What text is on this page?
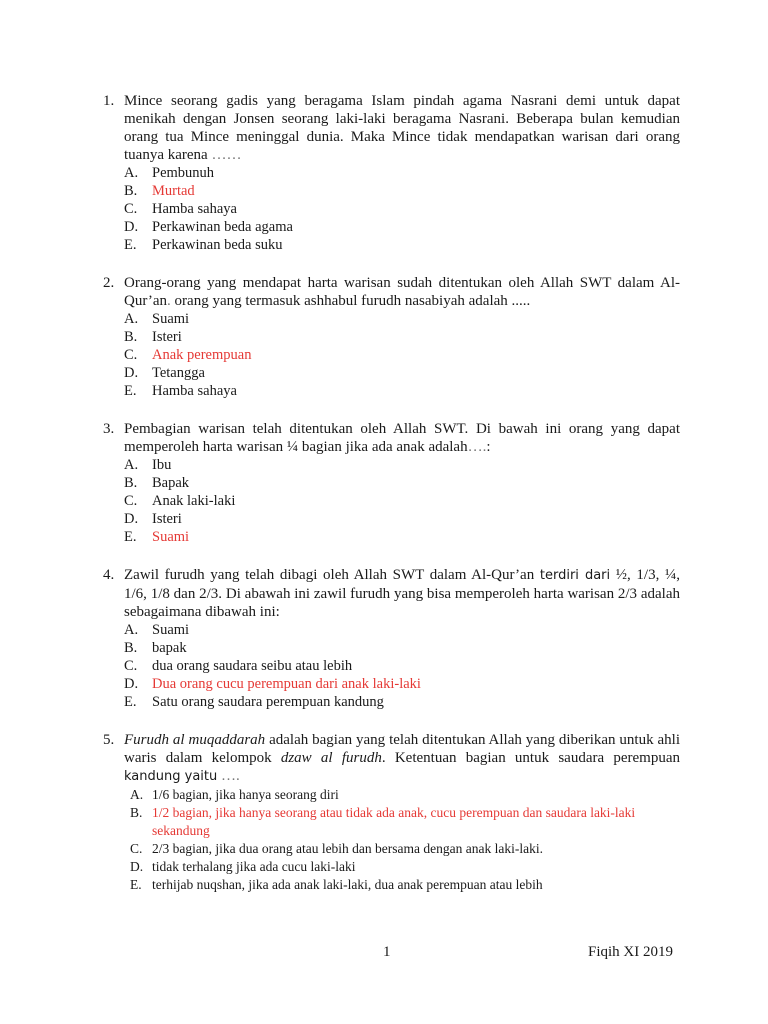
1. Mince seorang gadis yang beragama Islam pindah agama Nasrani demi untuk dapat menikah dengan Jonsen seorang laki-laki beragama Nasrani. Beberapa bulan kemudian orang tua Mince meninggal dunia. Maka Mince tidak mendapatkan warisan dari orang tuanya karena ……
A. Pembunuh
B. Murtad
C. Hamba sahaya
D. Perkawinan beda agama
E. Perkawinan beda suku
2. Orang-orang yang mendapat harta warisan sudah ditentukan oleh Allah SWT dalam Al-Qur’an. orang yang termasuk ashhabul furudh nasabiyah adalah .....
A. Suami
B. Isteri
C. Anak perempuan
D. Tetangga
E. Hamba sahaya
3. Pembagian warisan telah ditentukan oleh Allah SWT. Di bawah ini orang yang dapat memperoleh harta warisan ¼ bagian jika ada anak adalah….:
A. Ibu
B. Bapak
C. Anak laki-laki
D. Isteri
E. Suami
4. Zawil furudh yang telah dibagi oleh Allah SWT dalam Al-Qur’an terdiri dari ½, 1/3, ¼, 1/6, 1/8 dan 2/3. Di abawah ini zawil furudh yang bisa memperoleh harta warisan 2/3 adalah sebagaimana dibawah ini:
A. Suami
B. bapak
C. dua orang saudara seibu atau lebih
D. Dua orang cucu perempuan dari anak laki-laki
E. Satu orang saudara perempuan kandung
5. Furudh al muqaddarah adalah bagian yang telah ditentukan Allah yang diberikan untuk ahli waris dalam kelompok dzaw al furudh. Ketentuan bagian untuk saudara perempuan kandung yaitu ….
A. 1/6 bagian, jika hanya seorang diri
B. 1/2 bagian, jika hanya seorang atau tidak ada anak, cucu perempuan dan saudara laki-laki sekandung
C. 2/3 bagian, jika dua orang atau lebih dan bersama dengan anak laki-laki.
D. tidak terhalang jika ada cucu laki-laki
E. terhijab nuqshan, jika ada anak laki-laki, dua anak perempuan atau lebih
1	Fiqih XI 2019
